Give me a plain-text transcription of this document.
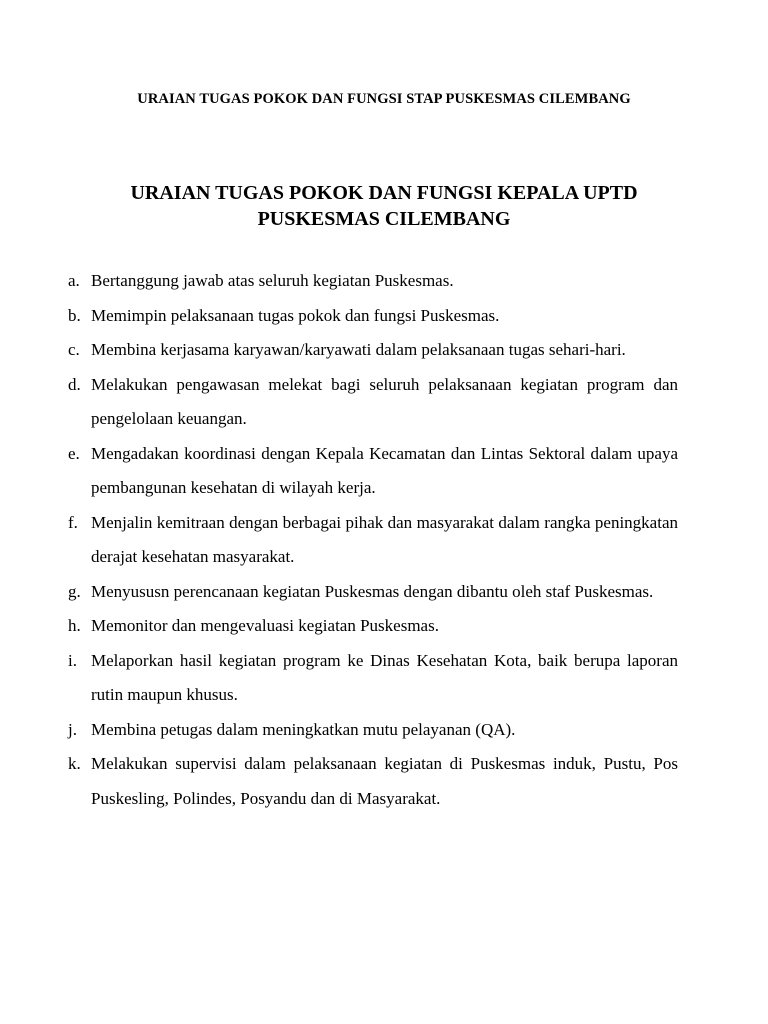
URAIAN TUGAS POKOK DAN FUNGSI STAP PUSKESMAS CILEMBANG
URAIAN TUGAS POKOK DAN FUNGSI KEPALA UPTD
PUSKESMAS CILEMBANG
a. Bertanggung jawab atas seluruh kegiatan Puskesmas.
b. Memimpin pelaksanaan tugas pokok dan fungsi Puskesmas.
c. Membina kerjasama karyawan/karyawati dalam pelaksanaan tugas sehari-hari.
d. Melakukan pengawasan melekat bagi seluruh pelaksanaan kegiatan program dan pengelolaan keuangan.
e. Mengadakan koordinasi dengan Kepala Kecamatan dan Lintas Sektoral dalam upaya pembangunan kesehatan di wilayah kerja.
f. Menjalin kemitraan dengan berbagai pihak dan masyarakat dalam rangka peningkatan derajat kesehatan masyarakat.
g. Menyususn perencanaan kegiatan Puskesmas dengan dibantu oleh staf Puskesmas.
h. Memonitor dan mengevaluasi kegiatan Puskesmas.
i. Melaporkan hasil kegiatan program ke Dinas Kesehatan Kota, baik berupa laporan rutin maupun khusus.
j. Membina petugas dalam meningkatkan mutu pelayanan (QA).
k. Melakukan supervisi dalam pelaksanaan kegiatan di Puskesmas induk, Pustu, Pos Puskesling, Polindes, Posyandu dan di Masyarakat.
